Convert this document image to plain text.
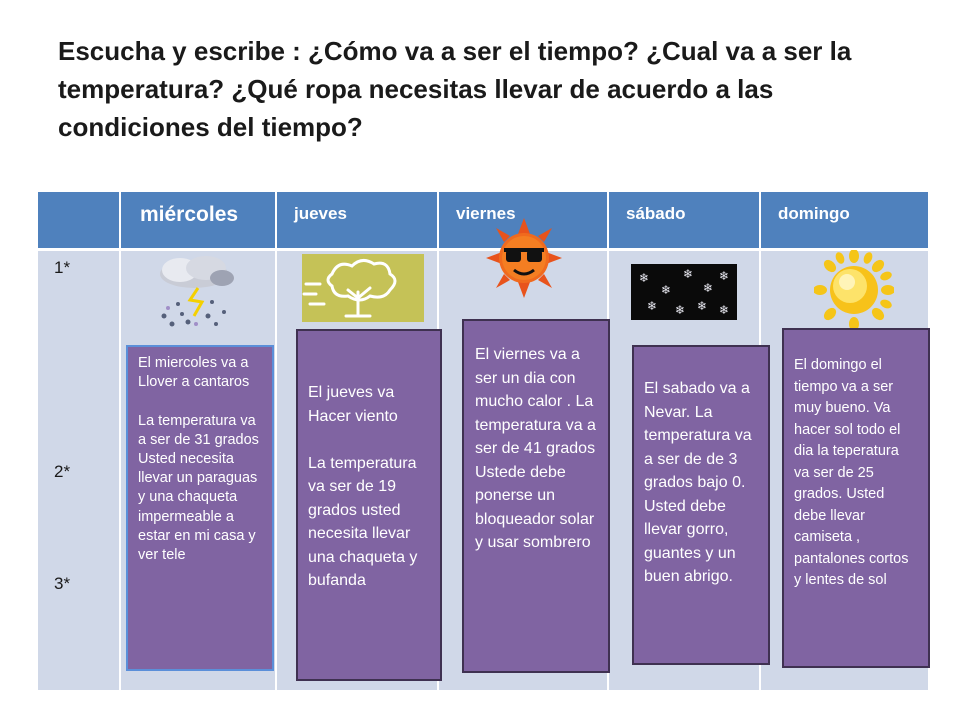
Escucha y escribe : ¿Cómo va a ser el tiempo? ¿Cual va a ser la temperatura? ¿Qué ropa necesitas llevar de acuerdo a las condiciones del tiempo?
miércoles	jueves	viernes	sábado	domingo
1*
2*
3*
❄
❄
❄
❄
❄
❄ ❄ ❄ ❄
El miercoles va a Llover a cantaros

La temperatura va a ser de 31 grados
Usted necesita llevar un paraguas y una chaqueta impermeable a estar en mi casa y ver tele
El jueves va Hacer viento

La temperatura va ser de 19 grados usted necesita llevar una chaqueta y bufanda
El viernes va a ser un dia con mucho calor . La temperatura va a ser de 41 grados
Ustede debe ponerse un bloqueador solar y usar sombrero
El sabado va a Nevar. La temperatura va a ser de de 3 grados bajo 0. Usted debe llevar gorro, guantes y un buen abrigo.
El domingo el tiempo va a ser muy bueno. Va hacer sol todo el dia la teperatura va ser de 25 grados. Usted debe llevar camiseta , pantalones cortos y lentes de sol
